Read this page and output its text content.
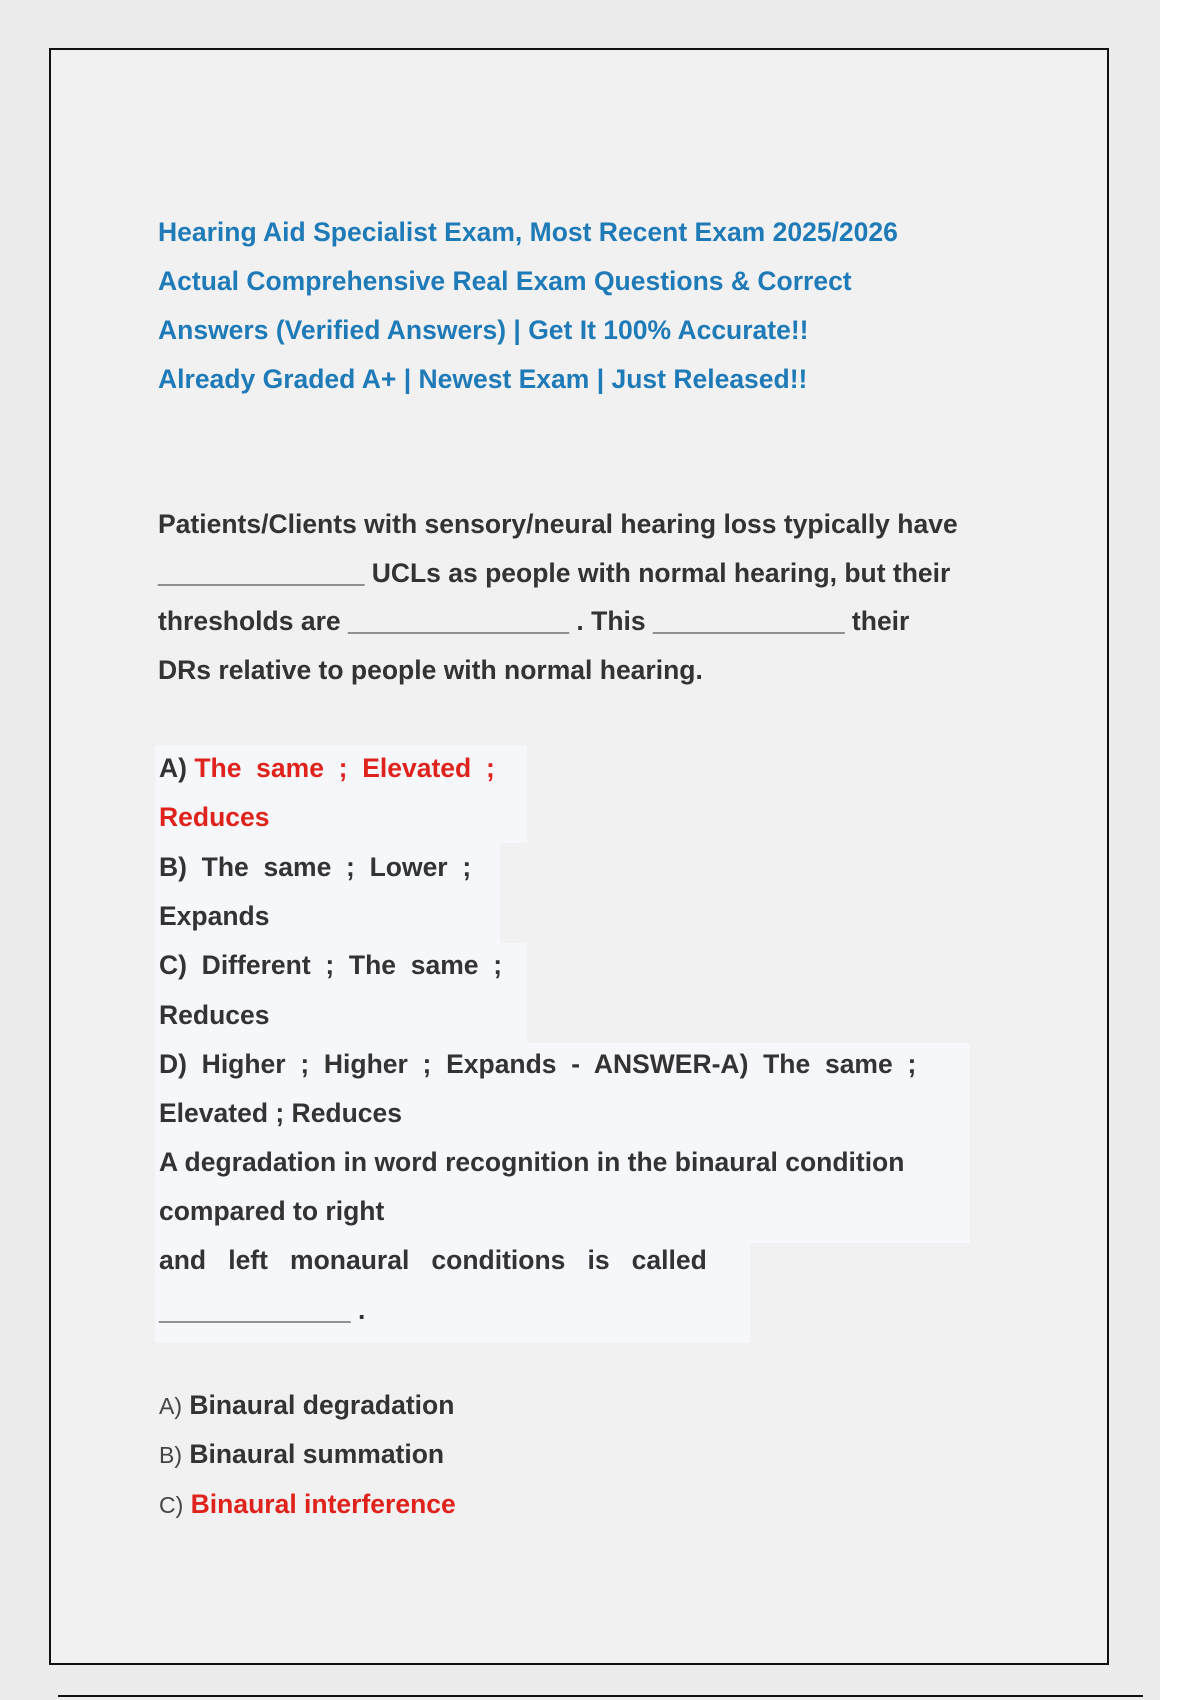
Hearing Aid Specialist Exam, Most Recent Exam 2025/2026
Actual Comprehensive Real Exam Questions & Correct
Answers (Verified Answers) | Get It 100% Accurate!!
Already Graded A+ | Newest Exam | Just Released!!
Patients/Clients with sensory/neural hearing loss typically have
______________ UCLs as people with normal hearing, but their
thresholds are _______________ . This _____________ their
DRs relative to people with normal hearing.
A) The  same  ;  Elevated  ;
Reduces
B)  The  same  ;  Lower  ;
Expands
C)  Different  ;  The  same  ;
Reduces
D)  Higher  ;  Higher  ;  Expands  -  ANSWER-A)  The  same  ;
Elevated ; Reduces
A degradation in word recognition in the binaural condition
compared to right
and   left   monaural   conditions   is   called
_____________ .
A) Binaural degradation
B) Binaural summation
C) Binaural interference
